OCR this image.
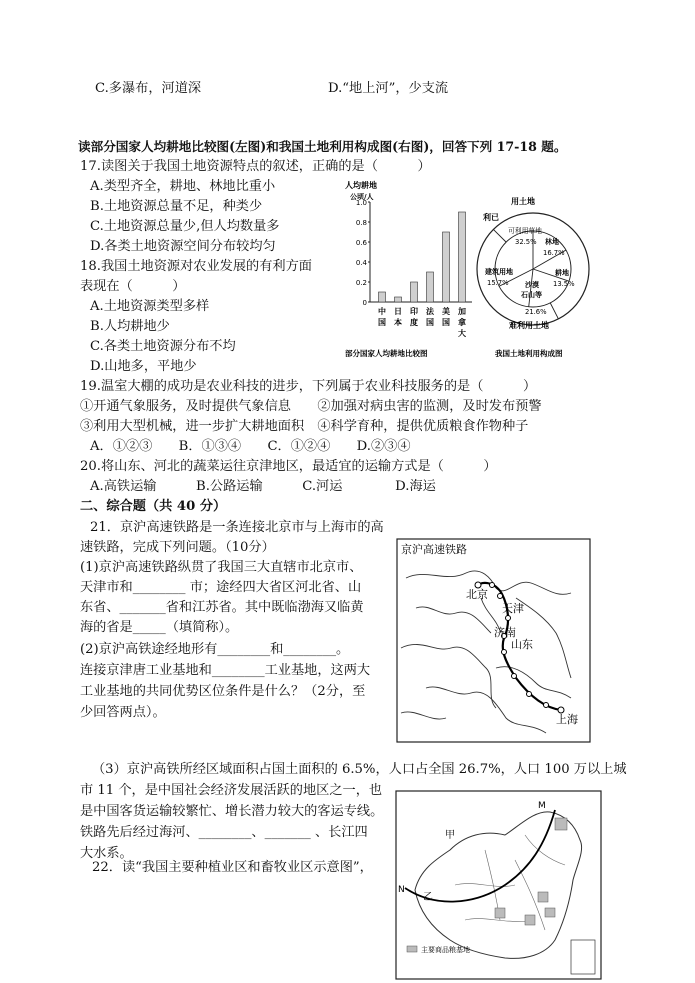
C.多瀑布，河道深	D.“地上河”，少支流
读部分国家人均耕地比较图(左图)和我国土地利用构成图(右图)，回答下列 17-18 题。
17.读图关于我国土地资源特点的叙述，正确的是（　　　）
A.类型齐全，耕地、林地比重小
B.土地资源总量不足，种类少
C.土地资源总量少,但人均数量多
D.各类土地资源空间分布较均匀
18.我国土地资源对农业发展的有利方面
表现在（　　　）
A.土地资源类型多样
B.人均耕地少
C.各类土地资源分布不均
D.山地多，平地少
人均耕地
公顷/人
0
0.2
0.4
0.6
0.8
1.0
中
国
日
本
印
度
法
国
美
国
加
拿
大
部分国家人均耕地比较图
用土地
利已
难利用土地
可利用草地
32.5% 林地
16.7%
耕地
13.5%
沙漠
石山等
21.6%
建筑用地
15.7%
我国土地利用构成图
19.温室大棚的成功是农业科技的进步，下列属于农业科技服务的是（　　　）
①开通气象服务，及时提供气象信息　　②加强对病虫害的监测，及时发布预警
③利用大型机械，进一步扩大耕地面积　④科学育种，提供优质粮食作物种子
A．①②③　　B．①③④　　C．①②④　　D.②③④
20.将山东、河北的蔬菜运往京津地区，最适宜的运输方式是（　　　）
A.高铁运输　　　B.公路运输　　　C.河运　　　　D.海运
二、综合题（共 40 分）
21．京沪高速铁路是一条连接北京市与上海市的高
速铁路，完成下列问题。（10分）
(1)京沪高速铁路纵贯了我国三大直辖市北京市、
天津市和________ 市；途经四大省区河北省、山
东省、_______省和江苏省。其中既临渤海又临黄
海的省是_____（填简称）。
(2)京沪高铁途经地形有________和________。
连接京津唐工业基地和________工业基地，这两大
工业基地的共同优势区位条件是什么？（2分，至
少回答两点）。
京沪高速铁路
北京
天津
济南
山东
上海
（3）京沪高铁所经区域面积占国土面积的 6.5%，人口占全国 26.7%，人口 100 万以上城
市 11 个，是中国社会经济发展活跃的地区之一，也
是中国客货运输较繁忙、增长潜力较大的客运专线。
铁路先后经过海河、________、_______ 、长江四
大水系。
22．读“我国主要种植业区和畜牧业区示意图”，
甲
乙
M
N
主要商品粮基地
